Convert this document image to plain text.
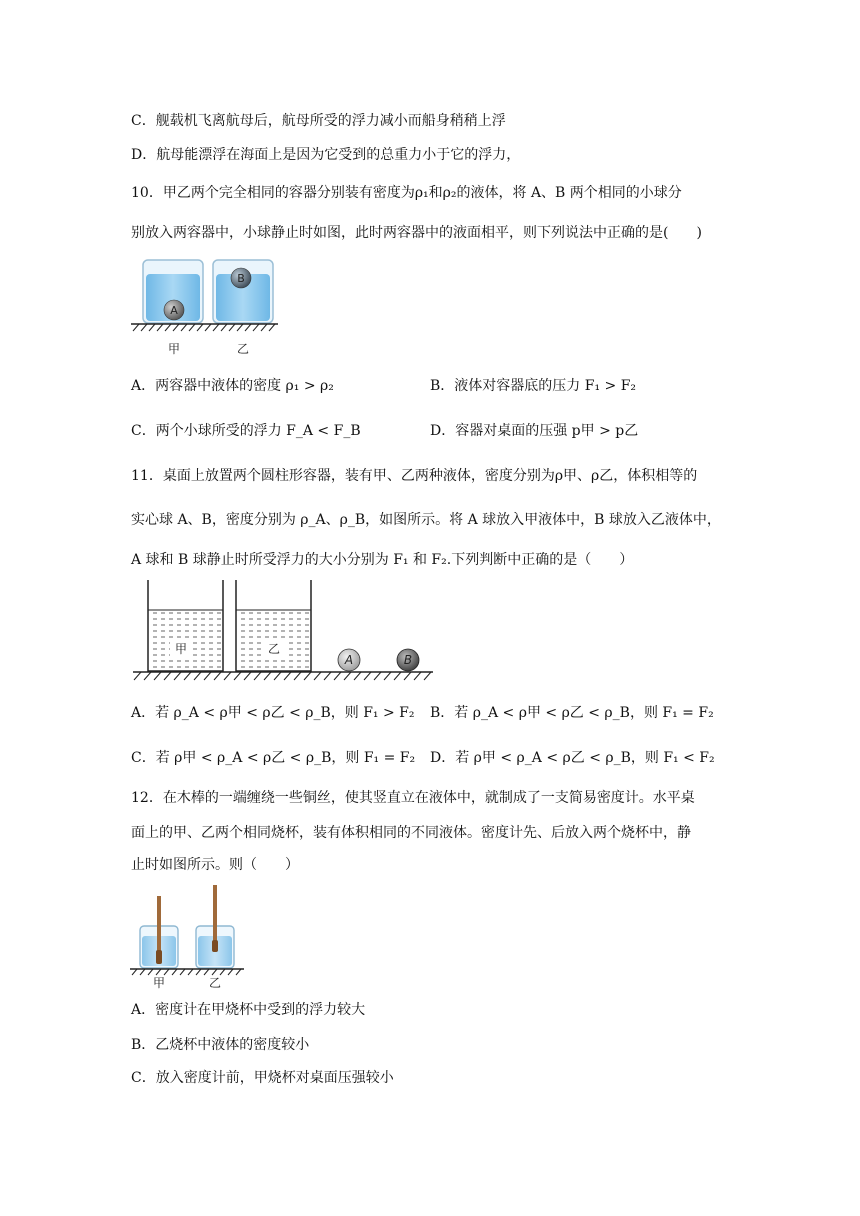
C．舰载机飞离航母后，航母所受的浮力减小而船身稍稍上浮
D．航母能漂浮在海面上是因为它受到的总重力小于它的浮力，
10．甲乙两个完全相同的容器分别装有密度为ρ₁和ρ₂的液体，将 A、B 两个相同的小球分
别放入两容器中，小球静止时如图，此时两容器中的液面相平，则下列说法中正确的是(　　)
A
B
甲	乙
A．两容器中液体的密度 ρ₁ > ρ₂	B．液体对容器底的压力 F₁ > F₂
C．两个小球所受的浮力 F_A < F_B	D．容器对桌面的压强 p甲 > p乙
11．桌面上放置两个圆柱形容器，装有甲、乙两种液体，密度分别为ρ甲、ρ乙，体积相等的
实心球 A、B，密度分别为 ρ_A、ρ_B，如图所示。将 A 球放入甲液体中，B 球放入乙液体中，
A 球和 B 球静止时所受浮力的大小分别为 F₁ 和 F₂.下列判断中正确的是（　　）
甲	乙
A	B
A．若 ρ_A < ρ甲 < ρ乙 < ρ_B，则 F₁ > F₂ B．若 ρ_A < ρ甲 < ρ乙 < ρ_B，则 F₁ = F₂
C．若 ρ甲 < ρ_A < ρ乙 < ρ_B，则 F₁ = F₂ D．若 ρ甲 < ρ_A < ρ乙 < ρ_B，则 F₁ < F₂
12．在木棒的一端缠绕一些铜丝，使其竖直立在液体中，就制成了一支简易密度计。水平桌
面上的甲、乙两个相同烧杯，装有体积相同的不同液体。密度计先、后放入两个烧杯中，静
止时如图所示。则（　　）
甲	乙
A．密度计在甲烧杯中受到的浮力较大
B．乙烧杯中液体的密度较小
C．放入密度计前，甲烧杯对桌面压强较小
